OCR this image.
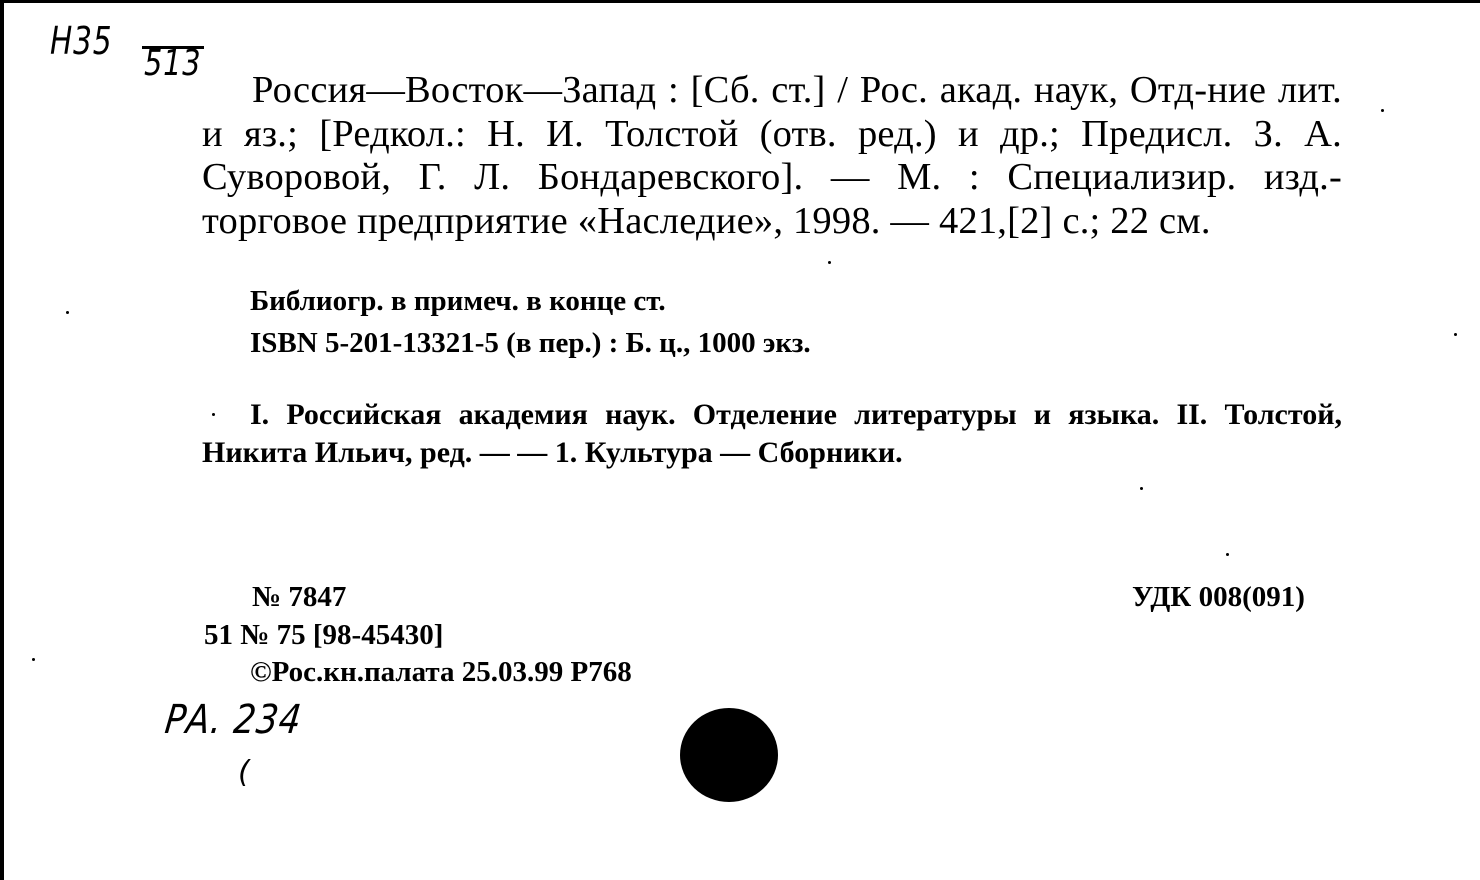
Н35
513
Россия—Восток—Запад : [Сб. ст.] / Рос. акад. наук, Отд-ние лит. и яз.; [Редкол.: Н. И. Толстой (отв. ред.) и др.; Предисл. З. А. Суворовой, Г. Л. Бондаревского]. — М. : Специализир. изд.-торговое предприятие «Наследие», 1998. — 421,[2] с.; 22 см.
Библиогр. в примеч. в конце ст.
ISBN 5-201-13321-5 (в пер.) : Б. ц., 1000 экз.
I. Российская академия наук. Отделение литературы и языка. II. Толстой, Никита Ильич, ред. — — 1. Культура — Сборники.
№ 7847
51 № 75 [98-45430]
©Рос.кн.палата 25.03.99 Р768
УДК 008(091)
РА. 234
(
